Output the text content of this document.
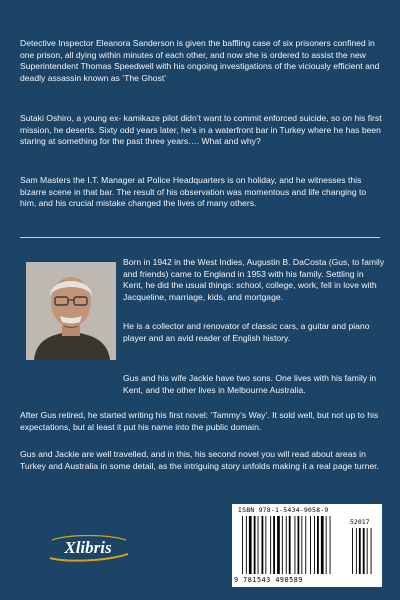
Detective Inspector Eleanora Sanderson is given the baffling case of six prisoners confined in one prison, all dying within minutes of each other, and now she is ordered to assist the new Superintendent Thomas Speedwell with his ongoing investigations of the viciously efficient and deadly assassin known as ‘The Ghost’

Sutaki Oshiro, a young ex- kamikaze pilot didn’t want to commit enforced suicide, so on his first mission, he deserts. Sixty odd years later, he’s in a waterfront bar in Turkey where he has been staring at something for the past three years…. What and why?

Sam Masters the I.T. Manager at Police Headquarters is on holiday, and he witnesses this bizarre scene in that bar. The result of his observation was momentous and life changing to him, and his crucial mistake changed the lives of many others.

Born in 1942 in the West Indies, Augustin B. DaCosta (Gus, to family and friends) came to England in 1953 with his family. Settling in Kent, he did the usual things: school, college, work, fell in love with Jacqueline, marriage, kids, and mortgage.

He is a collector and renovator of classic cars, a guitar and piano player and an avid reader of English history.

Gus and his wife Jackie have two sons. One lives with his family in Kent, and the other lives in Melbourne Australia.

After Gus retired, he started writing his first novel: ‘Tammy’s Way’. It sold well, but not up to his expectations, but al least it put his name into the public domain.

Gus and Jackie are well travelled, and in this, his second novel you will read about areas in Turkey and Australia in some detail, as the intriguing story unfolds making it a real page turner.

Xlibris
ISBN 978-1-5434-9058-9
52017
9 781543 490589
